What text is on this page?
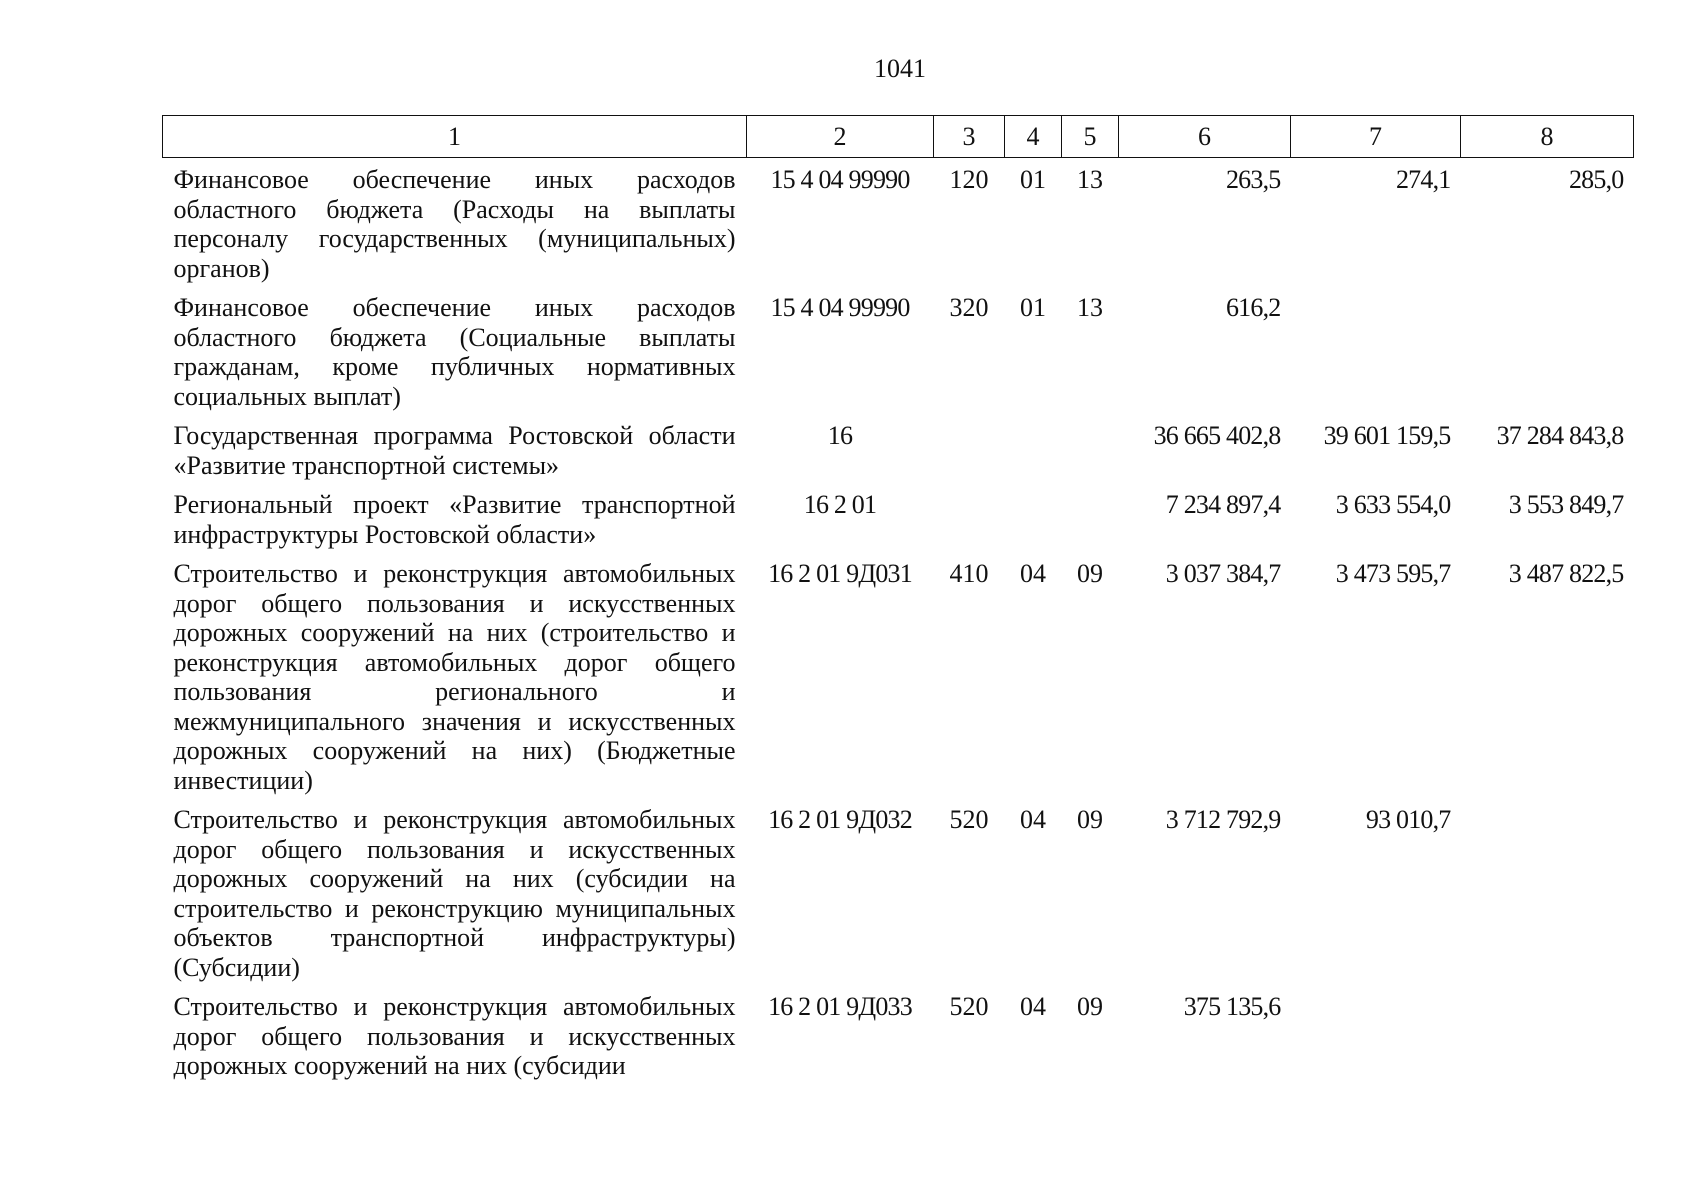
1041
1	2	3	4	5	6	7	8
Финансовое обеспечение иных расходов областного бюджета (Расходы на выплаты персоналу государственных (муниципальных) органов)	15 4 04 99990	120	01	13	263,5	274,1	285,0
Финансовое обеспечение иных расходов областного бюджета (Социальные выплаты гражданам, кроме публичных нормативных социальных выплат)	15 4 04 99990	320	01	13	616,2		
Государственная программа Ростовской области «Развитие транспортной системы»	16				36 665 402,8	39 601 159,5	37 284 843,8
Региональный проект «Развитие транспортной инфраструктуры Ростовской области»	16 2 01				7 234 897,4	3 633 554,0	3 553 849,7
Строительство и реконструкция автомобильных дорог общего пользования и искусственных дорожных сооружений на них (строительство и реконструкция автомобильных дорог общего пользования регионального и межмуниципального значения и искусственных дорожных сооружений на них) (Бюджетные инвестиции)	16 2 01 9Д031	410	04	09	3 037 384,7	3 473 595,7	3 487 822,5
Строительство и реконструкция автомобильных дорог общего пользования и искусственных дорожных сооружений на них (субсидии на строительство и реконструкцию муниципальных объектов транспортной инфраструктуры) (Субсидии)	16 2 01 9Д032	520	04	09	3 712 792,9	93 010,7	
Строительство и реконструкция автомобильных дорог общего пользования и искусственных дорожных сооружений на них (субсидии	16 2 01 9Д033	520	04	09	375 135,6		
